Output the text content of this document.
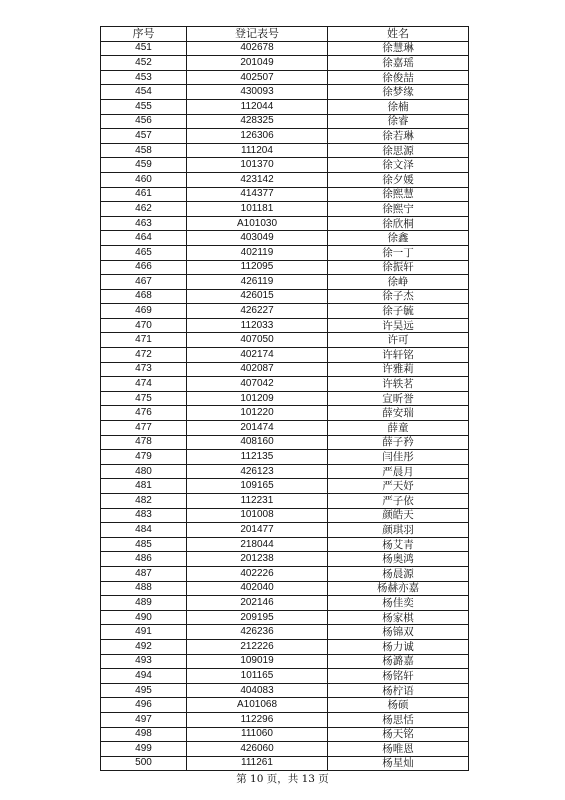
序号	登记表号	姓名
451	402678	徐慧琳
452	201049	徐嘉瑶
453	402507	徐俊喆
454	430093	徐梦缘
455	112044	徐楠
456	428325	徐睿
457	126306	徐若琳
458	111204	徐思源
459	101370	徐文泽
460	423142	徐夕媛
461	414377	徐熙慧
462	101181	徐熙宁
463	A101030	徐欣桐
464	403049	徐鑫
465	402119	徐一丁
466	112095	徐振轩
467	426119	徐峥
468	426015	徐子杰
469	426227	徐子毓
470	112033	许昊远
471	407050	许可
472	402174	许轩铭
473	402087	许雅莉
474	407042	许轶茗
475	101209	宣昕誉
476	101220	薛安瑞
477	201474	薛童
478	408160	薛子矜
479	112135	闫佳彤
480	426123	严晨月
481	109165	严天妤
482	112231	严子依
483	101008	颜皓天
484	201477	颜琪羽
485	218044	杨艾青
486	201238	杨奥鸿
487	402226	杨晨源
488	402040	杨赫亦嘉
489	202146	杨佳奕
490	209195	杨家棋
491	426236	杨锦双
492	212226	杨力诚
493	109019	杨潞嘉
494	101165	杨铭轩
495	404083	杨柠语
496	A101068	杨硕
497	112296	杨思恬
498	111060	杨天铭
499	426060	杨唯恩
500	111261	杨星灿
第 10 页，共 13 页
